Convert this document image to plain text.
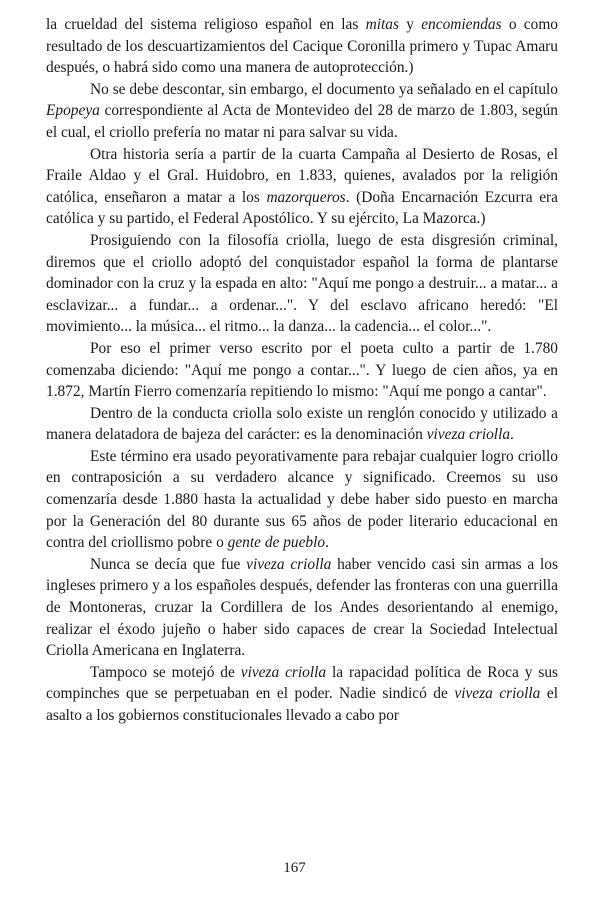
la crueldad del sistema religioso español en las mitas y encomiendas o como resultado de los descuartizamientos del Cacique Coronilla primero y Tupac Amaru después, o habrá sido como una manera de autoprotección.)

No se debe descontar, sin embargo, el documento ya señalado en el capítulo Epopeya correspondiente al Acta de Montevideo del 28 de marzo de 1.803, según el cual, el criollo prefería no matar ni para salvar su vida.

Otra historia sería a partir de la cuarta Campaña al Desierto de Rosas, el Fraile Aldao y el Gral. Huidobro, en 1.833, quienes, avalados por la religión católica, enseñaron a matar a los mazorqueros. (Doña Encarnación Ezcurra era católica y su partido, el Federal Apostólico. Y su ejército, La Mazorca.)

Prosiguiendo con la filosofía criolla, luego de esta disgresión criminal, diremos que el criollo adoptó del conquistador español la forma de plantarse dominador con la cruz y la espada en alto: "Aquí me pongo a destruir... a matar... a esclavizar... a fundar... a ordenar...". Y del esclavo africano heredó: "El movimiento... la música... el ritmo... la danza... la cadencia... el color...".

Por eso el primer verso escrito por el poeta culto a partir de 1.780 comenzaba diciendo: "Aquí me pongo a contar...". Y luego de cien años, ya en 1.872, Martín Fierro comenzaría repitiendo lo mismo: "Aquí me pongo a cantar".

Dentro de la conducta criolla solo existe un renglón conocido y utilizado a manera delatadora de bajeza del carácter: es la denominación viveza criolla.

Este término era usado peyorativamente para rebajar cualquier logro criollo en contraposición a su verdadero alcance y significado. Creemos su uso comenzaría desde 1.880 hasta la actualidad y debe haber sido puesto en marcha por la Generación del 80 durante sus 65 años de poder literario educacional en contra del criollismo pobre o gente de pueblo.

Nunca se decía que fue viveza criolla haber vencido casi sin armas a los ingleses primero y a los españoles después, defender las fronteras con una guerrilla de Montoneras, cruzar la Cordillera de los Andes desorientando al enemigo, realizar el éxodo jujeño o haber sido capaces de crear la Sociedad Intelectual Criolla Americana en Inglaterra.

Tampoco se motejó de viveza criolla la rapacidad política de Roca y sus compinches que se perpetuaban en el poder. Nadie sindicó de viveza criolla el asalto a los gobiernos constitucionales llevado a cabo por

167
